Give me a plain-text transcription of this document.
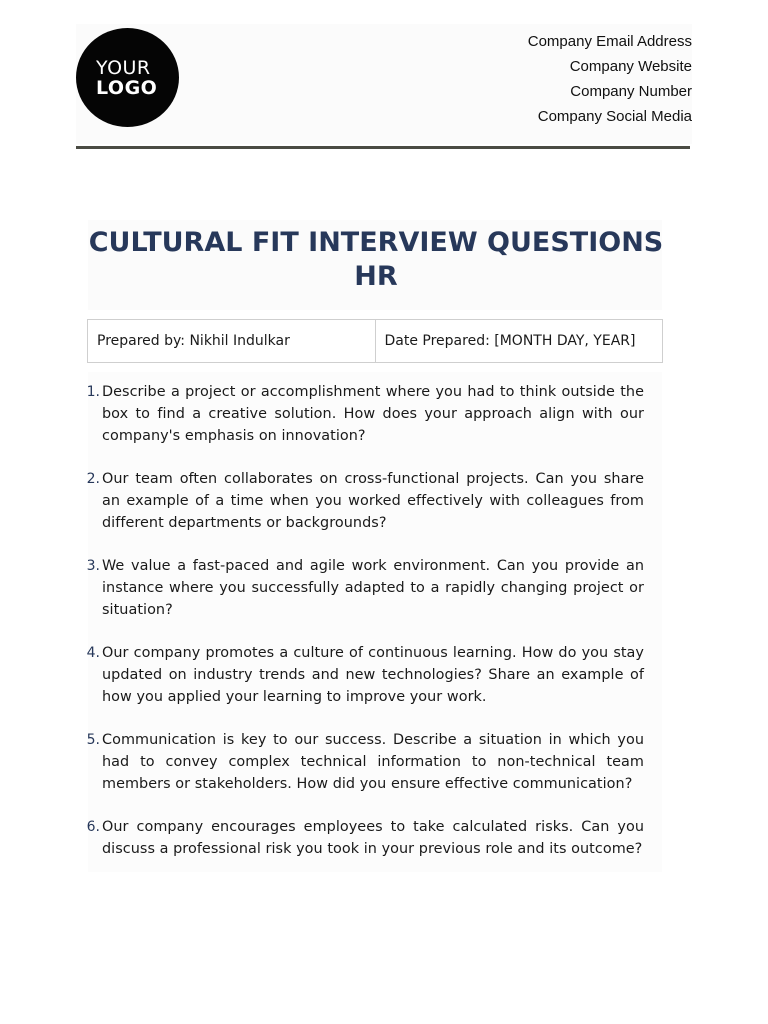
YOUR
LOGO
Company Email Address
Company Website
Company Number
Company Social Media
CULTURAL FIT INTERVIEW QUESTIONS
HR
Prepared by:
Nikhil Indulkar	Date Prepared:
[MONTH DAY, YEAR]
1. Describe a project or accomplishment where you had to think outside the box to find a creative solution. How does your approach align with our company's emphasis on innovation?
2. Our team often collaborates on cross-functional projects. Can you share an example of a time when you worked effectively with colleagues from different departments or backgrounds?
3. We value a fast-paced and agile work environment. Can you provide an instance where you successfully adapted to a rapidly changing project or situation?
4. Our company promotes a culture of continuous learning. How do you stay updated on industry trends and new technologies? Share an example of how you applied your learning to improve your work.
5. Communication is key to our success. Describe a situation in which you had to convey complex technical information to non-technical team members or stakeholders. How did you ensure effective communication?
6. Our company encourages employees to take calculated risks. Can you discuss a professional risk you took in your previous role and its outcome?
